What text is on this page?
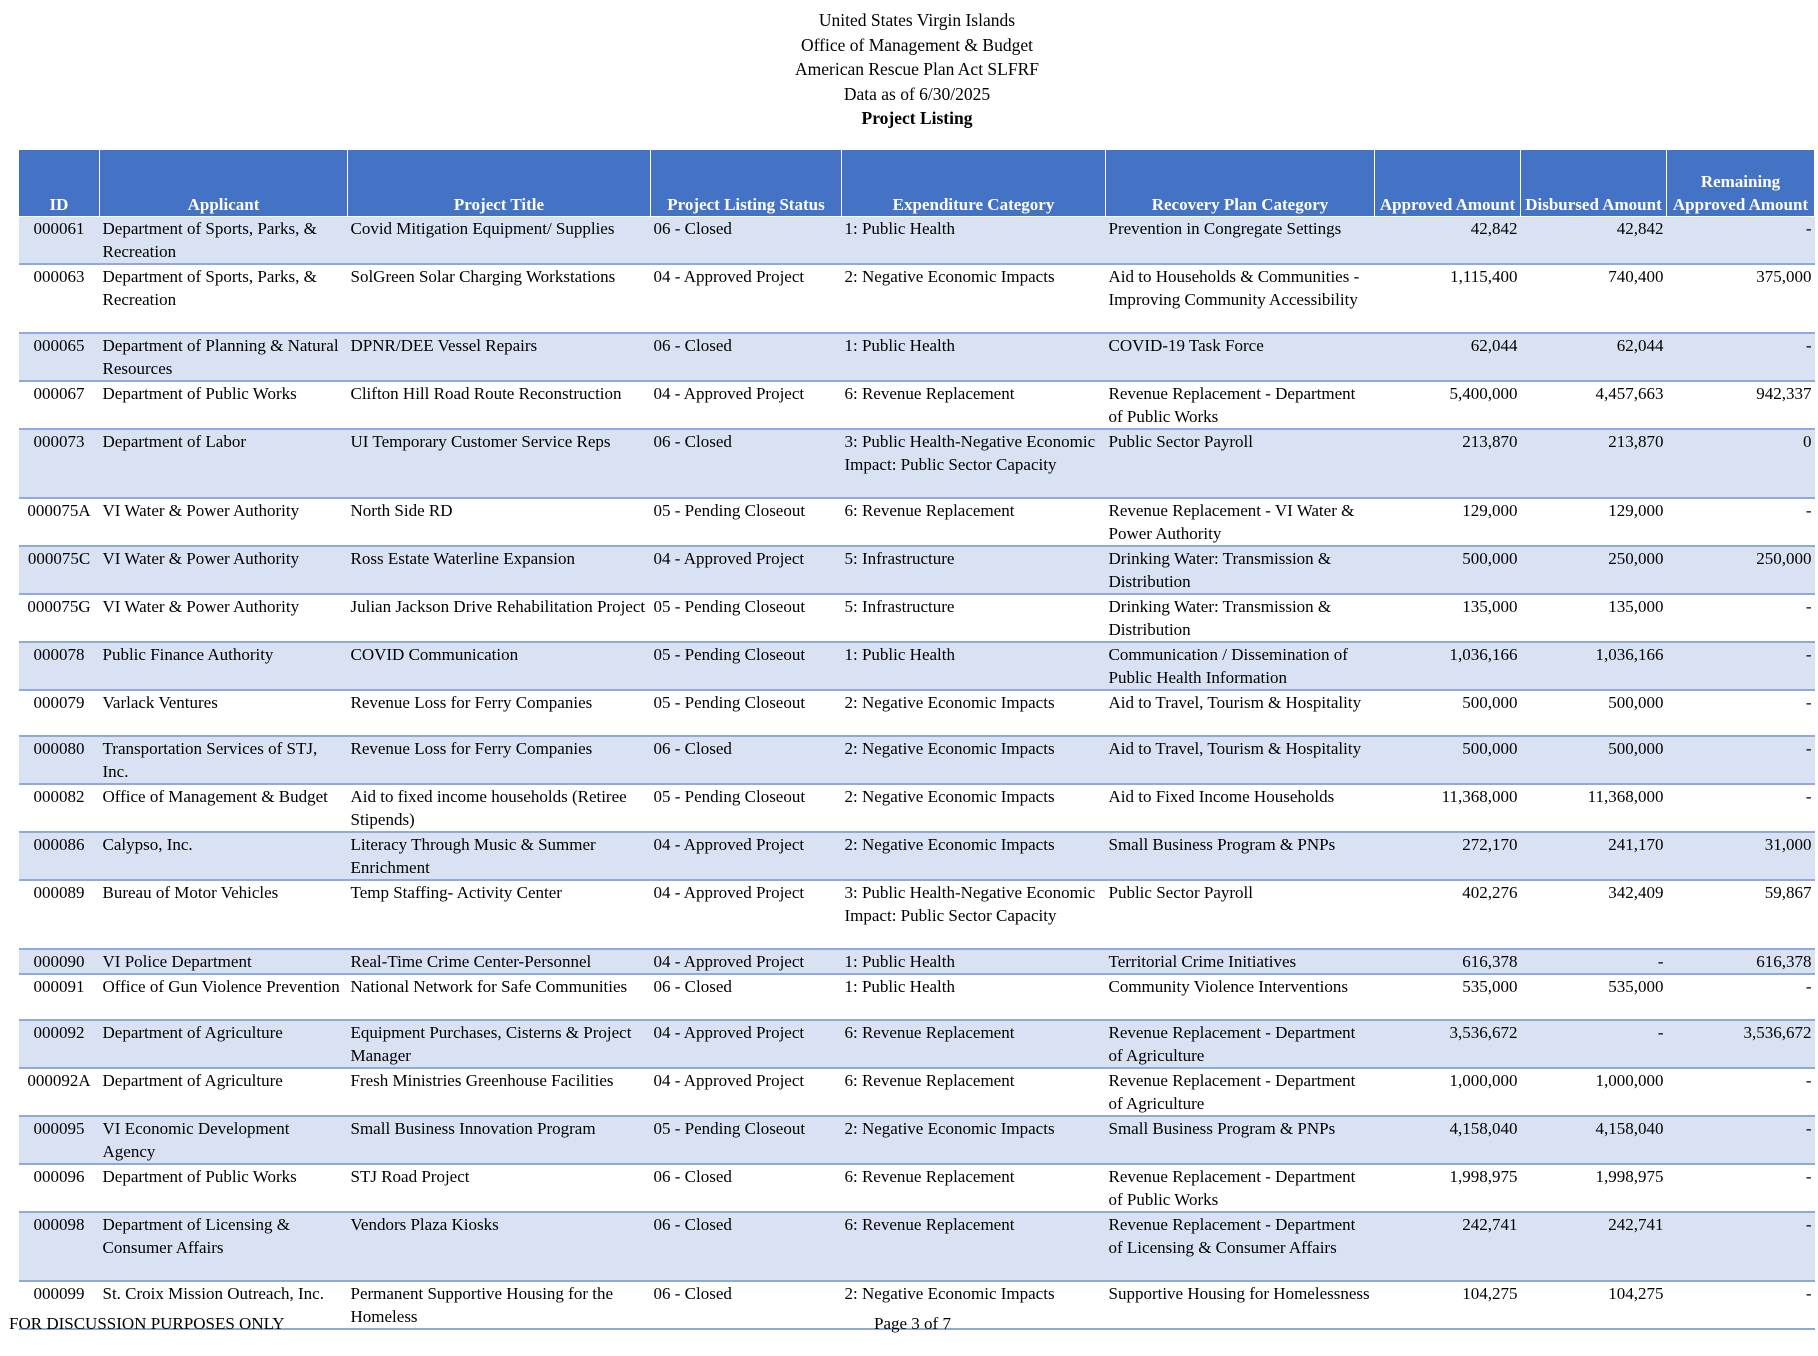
United States Virgin Islands
Office of Management & Budget
American Rescue Plan Act SLFRF
Data as of 6/30/2025
Project Listing
ID	Applicant	Project Title	Project Listing Status	Expenditure Category	Recovery Plan Category	Approved Amount	Disbursed Amount	Remaining Approved Amount
000061	Department of Sports, Parks, & Recreation	Covid Mitigation Equipment/ Supplies	06 - Closed	1: Public Health	Prevention in Congregate Settings	42,842	42,842	-
000063	Department of Sports, Parks, & Recreation	SolGreen Solar Charging Workstations	04 - Approved Project	2: Negative Economic Impacts	Aid to Households & Communities - Improving Community Accessibility	1,115,400	740,400	375,000
000065	Department of Planning & Natural Resources	DPNR/DEE Vessel Repairs	06 - Closed	1: Public Health	COVID-19 Task Force	62,044	62,044	-
000067	Department of Public Works	Clifton Hill Road Route Reconstruction	04 - Approved Project	6: Revenue Replacement	Revenue Replacement - Department of Public Works	5,400,000	4,457,663	942,337
000073	Department of Labor	UI Temporary Customer Service Reps	06 - Closed	3: Public Health-Negative Economic Impact: Public Sector Capacity	Public Sector Payroll	213,870	213,870	0
000075A	VI Water & Power Authority	North Side RD	05 - Pending Closeout	6: Revenue Replacement	Revenue Replacement - VI Water & Power Authority	129,000	129,000	-
000075C	VI Water & Power Authority	Ross Estate Waterline Expansion	04 - Approved Project	5: Infrastructure	Drinking Water: Transmission & Distribution	500,000	250,000	250,000
000075G	VI Water & Power Authority	Julian Jackson Drive Rehabilitation Project	05 - Pending Closeout	5: Infrastructure	Drinking Water: Transmission & Distribution	135,000	135,000	-
000078	Public Finance Authority	COVID Communication	05 - Pending Closeout	1: Public Health	Communication / Dissemination of Public Health Information	1,036,166	1,036,166	-
000079	Varlack Ventures	Revenue Loss for Ferry Companies	05 - Pending Closeout	2: Negative Economic Impacts	Aid to Travel, Tourism & Hospitality	500,000	500,000	-
000080	Transportation Services of STJ, Inc.	Revenue Loss for Ferry Companies	06 - Closed	2: Negative Economic Impacts	Aid to Travel, Tourism & Hospitality	500,000	500,000	-
000082	Office of Management & Budget	Aid to fixed income households (Retiree Stipends)	05 - Pending Closeout	2: Negative Economic Impacts	Aid to Fixed Income Households	11,368,000	11,368,000	-
000086	Calypso, Inc.	Literacy Through Music & Summer Enrichment	04 - Approved Project	2: Negative Economic Impacts	Small Business Program & PNPs	272,170	241,170	31,000
000089	Bureau of Motor Vehicles	Temp Staffing- Activity Center	04 - Approved Project	3: Public Health-Negative Economic Impact: Public Sector Capacity	Public Sector Payroll	402,276	342,409	59,867
000090	VI Police Department	Real-Time Crime Center-Personnel	04 - Approved Project	1: Public Health	Territorial Crime Initiatives	616,378	-	616,378
000091	Office of Gun Violence Prevention	National Network for Safe Communities	06 - Closed	1: Public Health	Community Violence Interventions	535,000	535,000	-
000092	Department of Agriculture	Equipment Purchases, Cisterns & Project Manager	04 - Approved Project	6: Revenue Replacement	Revenue Replacement - Department of Agriculture	3,536,672	-	3,536,672
000092A	Department of Agriculture	Fresh Ministries Greenhouse Facilities	04 - Approved Project	6: Revenue Replacement	Revenue Replacement - Department of Agriculture	1,000,000	1,000,000	-
000095	VI Economic Development Agency	Small Business Innovation Program	05 - Pending Closeout	2: Negative Economic Impacts	Small Business Program & PNPs	4,158,040	4,158,040	-
000096	Department of Public Works	STJ Road Project	06 - Closed	6: Revenue Replacement	Revenue Replacement - Department of Public Works	1,998,975	1,998,975	-
000098	Department of Licensing & Consumer Affairs	Vendors Plaza Kiosks	06 - Closed	6: Revenue Replacement	Revenue Replacement - Department of Licensing & Consumer Affairs	242,741	242,741	-
000099	St. Croix Mission Outreach, Inc.	Permanent Supportive Housing for the Homeless	06 - Closed	2: Negative Economic Impacts	Supportive Housing for Homelessness	104,275	104,275	-
FOR DISCUSSION PURPOSES ONLY	Page 3 of 7
